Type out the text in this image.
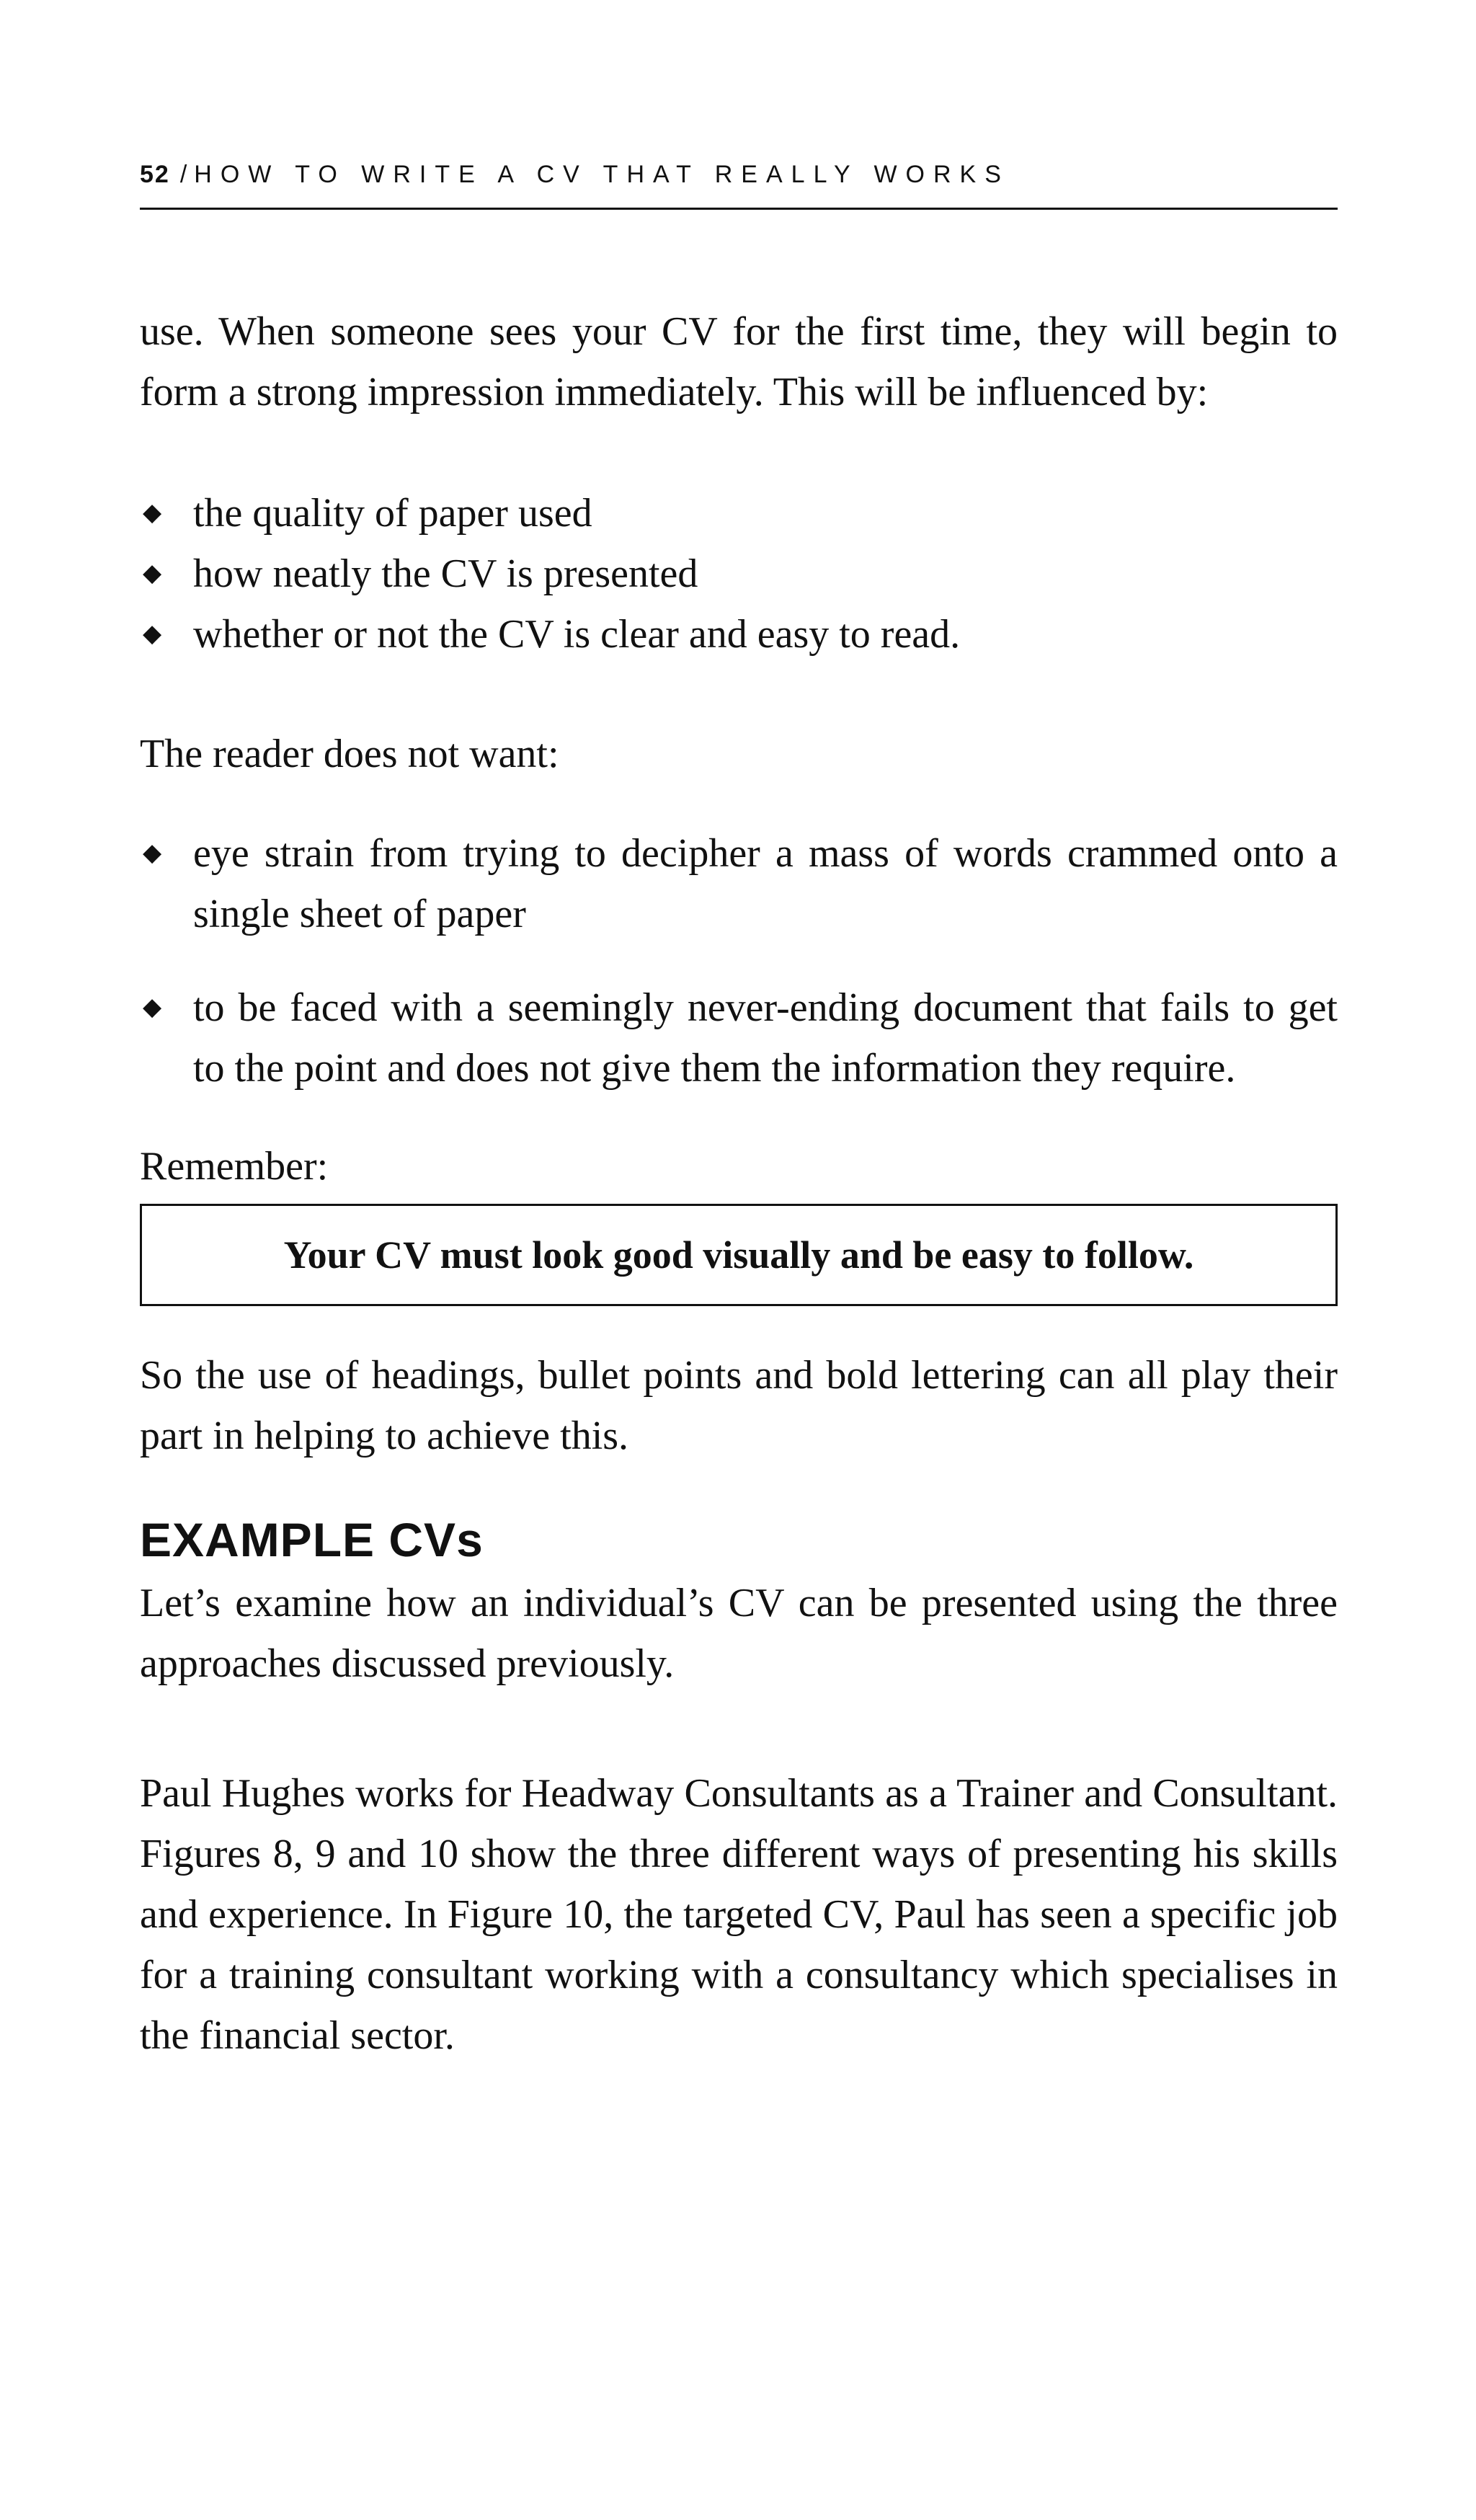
52 / HOW TO WRITE A CV THAT REALLY WORKS

use. When someone sees your CV for the first time, they will begin to

form a strong impression immediately. This will be influenced by:

◆ the quality of paper used
◆ how neatly the CV is presented
◆ whether or not the CV is clear and easy to read.

The reader does not want:

◆ eye strain from trying to decipher a mass of words crammed onto a single sheet of paper
◆ to be faced with a seemingly never-ending document that fails to get to the point and does not give them the information they require.

Remember:

Your CV must look good visually and be easy to follow.

So the use of headings, bullet points and bold lettering can all play their part in helping to achieve this.

EXAMPLE CVs

Let’s examine how an individual’s CV can be presented using the three approaches discussed previously.

Paul Hughes works for Headway Consultants as a Trainer and Consultant. Figures 8, 9 and 10 show the three different ways of presenting his skills and experience. In Figure 10, the targeted CV, Paul has seen a specific job for a training consultant working with a consultancy which specialises in the financial sector.
